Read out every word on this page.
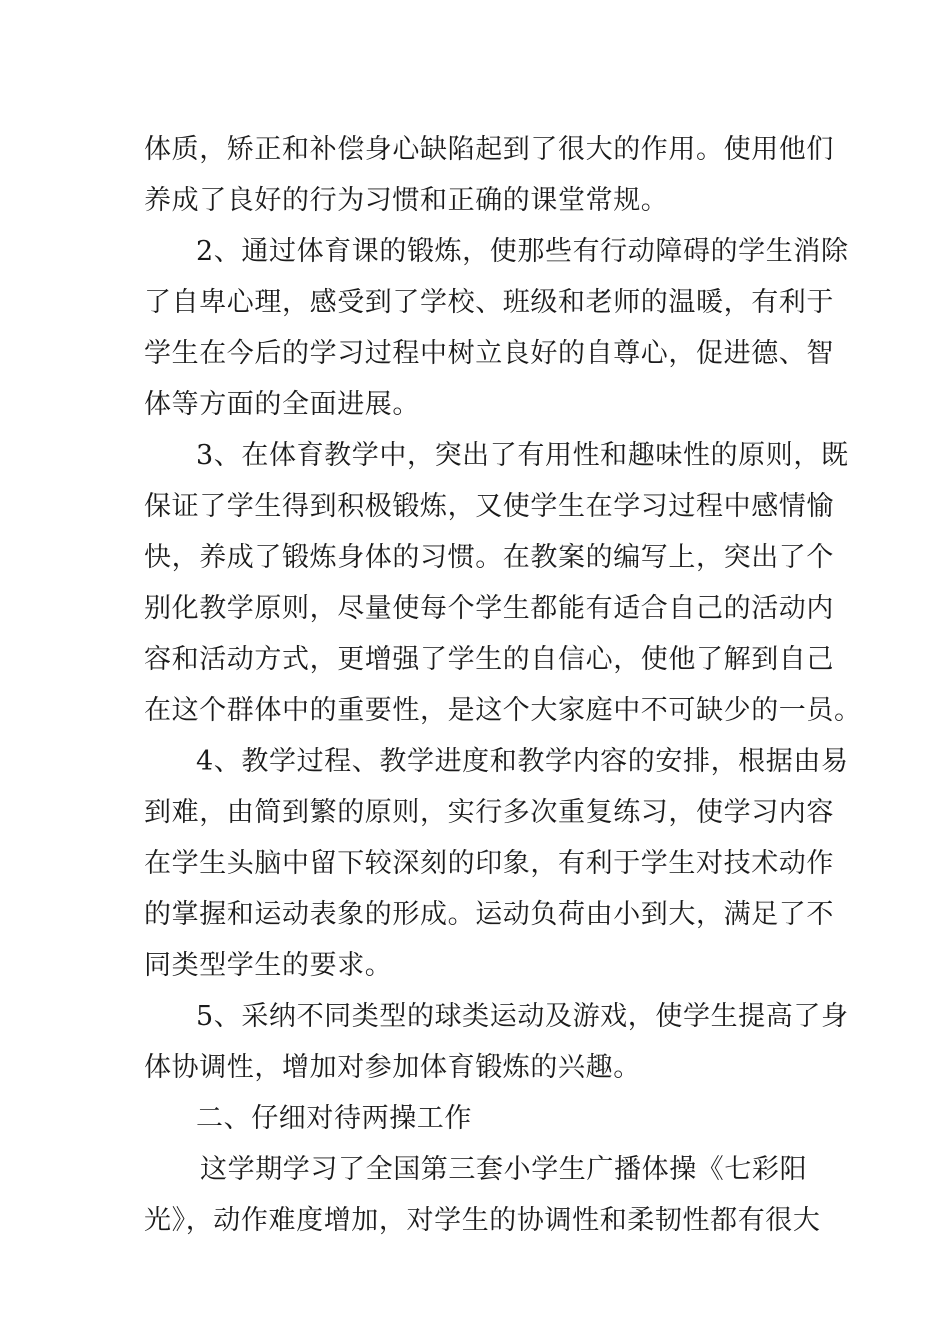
体质，矫正和补偿身心缺陷起到了很大的作用。使用他们
养成了良好的行为习惯和正确的课堂常规。
2、通过体育课的锻炼，使那些有行动障碍的学生消除
了自卑心理，感受到了学校、班级和老师的温暖，有利于
学生在今后的学习过程中树立良好的自尊心，促进德、智
体等方面的全面进展。
3、在体育教学中，突出了有用性和趣味性的原则，既
保证了学生得到积极锻炼，又使学生在学习过程中感情愉
快，养成了锻炼身体的习惯。在教案的编写上，突出了个
别化教学原则，尽量使每个学生都能有适合自己的活动内
容和活动方式，更增强了学生的自信心，使他了解到自己
在这个群体中的重要性，是这个大家庭中不可缺少的一员。
4、教学过程、教学进度和教学内容的安排，根据由易
到难，由简到繁的原则，实行多次重复练习，使学习内容
在学生头脑中留下较深刻的印象，有利于学生对技术动作
的掌握和运动表象的形成。运动负荷由小到大，满足了不
同类型学生的要求。
5、采纳不同类型的球类运动及游戏，使学生提高了身
体协调性，增加对参加体育锻炼的兴趣。
二、仔细对待两操工作
这学期学习了全国第三套小学生广播体操《七彩阳
光》，动作难度增加，对学生的协调性和柔韧性都有很大
